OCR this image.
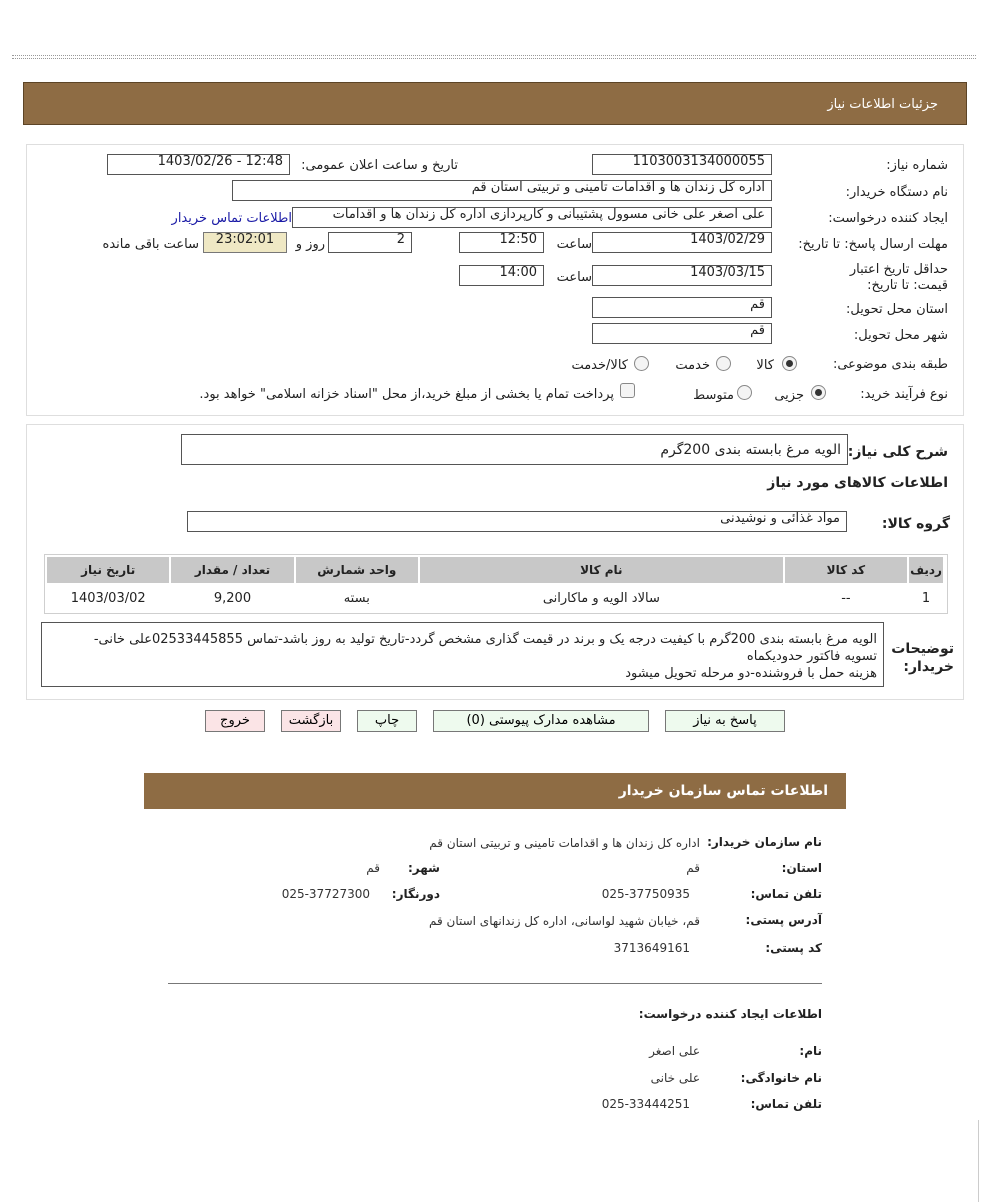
جزئیات اطلاعات نیاز
شماره نیاز:
1103003134000055
تاریخ و ساعت اعلان عمومی:
1403/02/26 - 12:48
نام دستگاه خریدار:
اداره کل زندان ها و اقدامات تامینی و تربیتی استان قم
ایجاد کننده درخواست:
علی اصغر علی خانی مسوول پشتیبانی و کارپردازی اداره کل زندان ها و اقدامات
اطلاعات تماس خریدار
مهلت ارسال پاسخ: تا تاریخ:
1403/02/29
ساعت
12:50
2
روز و
23:02:01
ساعت باقی مانده
حداقل تاریخ اعتبار قیمت: تا تاریخ:
1403/03/15
ساعت
14:00
استان محل تحویل:
قم
شهر محل تحویل:
قم
طبقه بندی موضوعی:
کالا
خدمت
کالا/خدمت
نوع فرآیند خرید:
جزیی
متوسط
پرداخت تمام یا بخشی از مبلغ خرید،از محل "اسناد خزانه اسلامی" خواهد بود.
شرح کلی نیاز:
الویه مرغ بابسته بندی 200گرم
اطلاعات کالاهای مورد نیاز
گروه کالا:
مواد غذائی و نوشیدنی
ردیف	کد کالا	نام کالا	واحد شمارش	تعداد / مقدار	تاریخ نیاز
1	--	سالاد الویه و ماکارانی	بسته	9,200	1403/03/02
توضیحات خریدار:
الویه مرغ بابسته بندی 200گرم با کیفیت درجه یک و برند در قیمت گذاری مشخص گردد-تاریخ تولید به روز باشد-تماس 02533445855علی خانی-
تسویه فاکتور حدودیکماه
هزینه حمل با فروشنده-دو مرحله تحویل میشود
پاسخ به نیاز
مشاهده مدارک پیوستی (0)
چاپ
بازگشت
خروج
اطلاعات تماس سازمان خریدار
نام سازمان خریدار:
اداره کل زندان ها و اقدامات تامینی و تربیتی استان قم
استان:
قم
شهر:
قم
تلفن تماس:
025-37750935
دورنگار:
025-37727300
آدرس پستی:
قم، خیابان شهید لواسانی، اداره کل زندانهای استان قم
کد پستی:
3713649161
اطلاعات ایجاد کننده درخواست:
نام:
علی اصغر
نام خانوادگی:
علی خانی
تلفن تماس:
025-33444251
